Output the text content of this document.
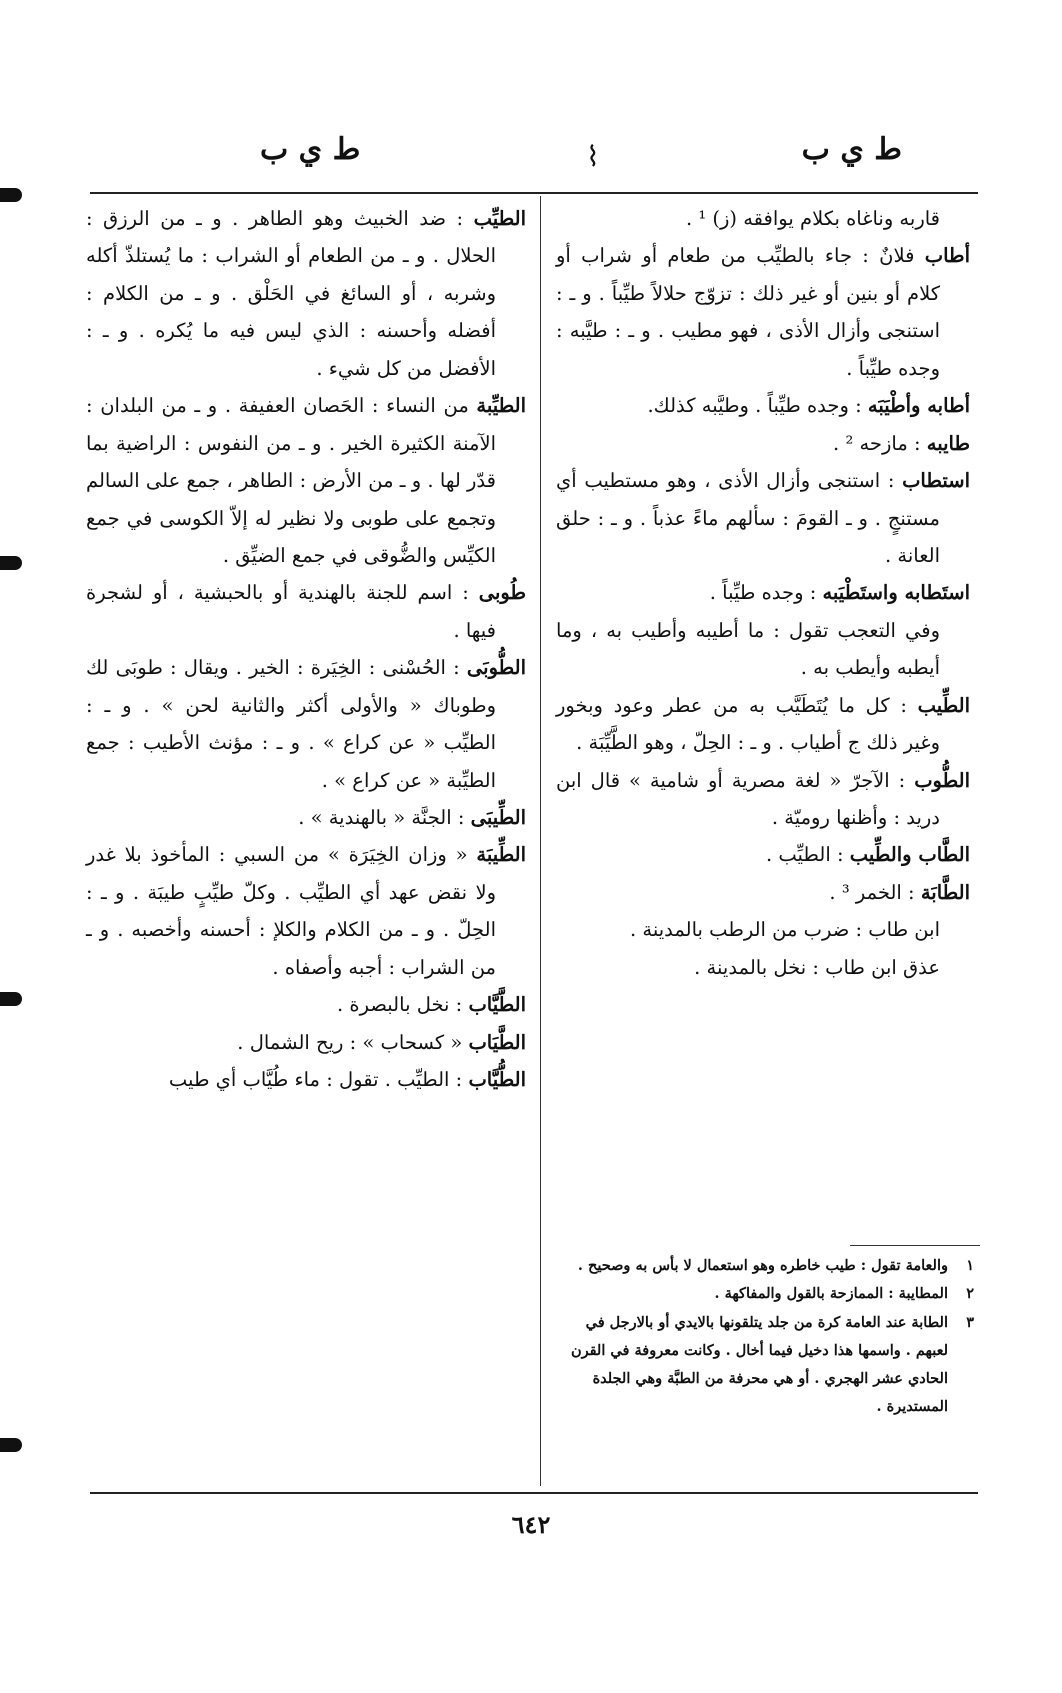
ط ي ب
⌇
ط ي ب

قاربه وناغاه بكلام يوافقه (ز) ¹ .

أطاب فلانٌ : جاء بالطيِّب من طعام أو شراب أو كلام أو بنين أو غير ذلك : تزوّج حلالاً طيِّباً . و ـ : استنجى وأزال الأذى ، فهو مطيب . و ـ : طيَّبه : وجده طيِّباً .

أطابه وأطْيَبَه : وجده طيِّباً . وطيَّبه كذلك.

طايبه : مازحه ² .

استطاب : استنجى وأزال الأذى ، وهو مستطيب أي مستنجٍ . و ـ القومَ : سألهم ماءً عذباً . و ـ : حلق العانة .

استَطابه واستَطْيَبه : وجده طيِّباً .

وفي التعجب تقول : ما أطيبه وأطيب به ، وما أيطبه وأيطب به .

الطِّيب : كل ما يُتَطَيَّب به من عطر وعود وبخور وغير ذلك ج أطياب . و ـ : الحِلّ ، وهو الطَّيِّبَة .

الطُّوب : الآجرّ « لغة مصرية أو شامية » قال ابن دريد : وأظنها روميّة .

الطَّاب والطِّيب : الطيِّب .

الطَّابَة : الخمر ³ .

ابن طاب : ضرب من الرطب بالمدينة .

عذق ابن طاب : نخل بالمدينة .

الطيِّب : ضد الخبيث وهو الطاهر . و ـ من الرزق : الحلال . و ـ من الطعام أو الشراب : ما يُستلذّ أكله وشربه ، أو السائغ في الحَلْق . و ـ من الكلام : أفضله وأحسنه : الذي ليس فيه ما يُكره . و ـ : الأفضل من كل شيء .

الطيِّبة من النساء : الحَصان العفيفة . و ـ من البلدان : الآمنة الكثيرة الخير . و ـ من النفوس : الراضية بما قدّر لها . و ـ من الأرض : الطاهر ، جمع على السالم وتجمع على طوبى ولا نظير له إلاّ الكوسى في جمع الكيِّس والضُّوقى في جمع الضيِّق .

طُوبى : اسم للجنة بالهندية أو بالحبشية ، أو لشجرة فيها .

الطُّوبَى : الحُسْنى : الخِيَرة : الخير . ويقال : طوبَى لك وطوباك « والأولى أكثر والثانية لحن » . و ـ : الطيِّب « عن كراع » . و ـ : مؤنث الأطيب : جمع الطيِّبة « عن كراع » .

الطِّيبَى : الجنَّة « بالهندية » .

الطِّيبَة « وزان الخِيَرَة » من السبي : المأخوذ بلا غدر ولا نقض عهد أي الطيِّب . وكلّ طيِّبٍ طيبَة . و ـ : الحِلّ . و ـ من الكلام والكلإ : أحسنه وأخصبه . و ـ من الشراب : أجبه وأصفاه .

الطَّيَّاب : نخل بالبصرة .

الطَّيَاب « كسحاب » : ريح الشمال .

الطُّيَّاب : الطيِّب . تقول : ماء طُيَّاب أي طيب

١
والعامة تقول : طيب خاطره وهو استعمال لا بأس به وصحيح .
٢
المطايبة : الممازحة بالقول والمفاكهة .
٣
الطابة عند العامة كرة من جلد يتلقونها بالايدي أو بالارجل في لعبهم . واسمها هذا دخيل فيما أخال . وكانت معروفة في القرن الحادي عشر الهجري . أو هي محرفة من الطبَّة وهي الجلدة المستديرة .
٦٤٢
